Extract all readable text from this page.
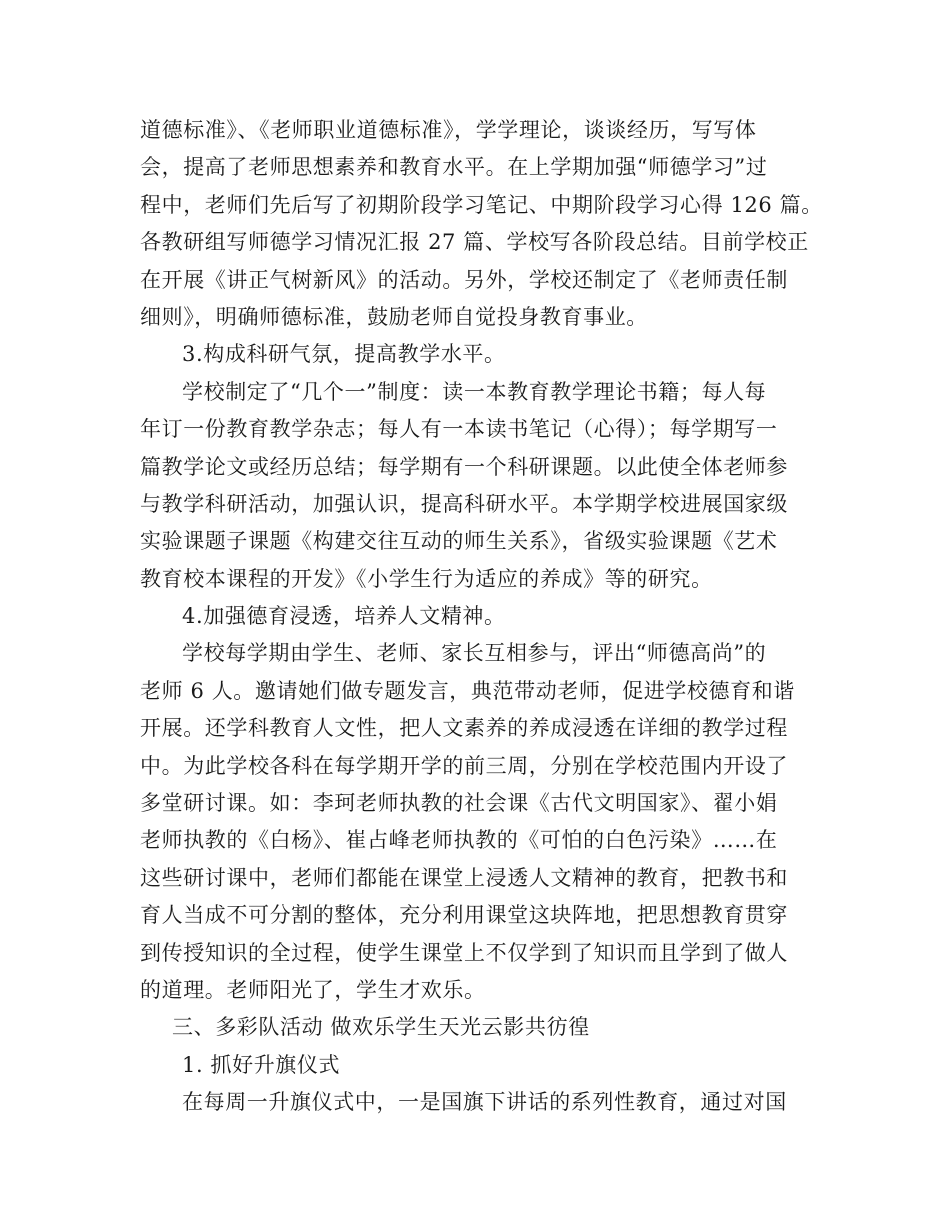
道德标准》、《老师职业道德标准》，学学理论，谈谈经历，写写体
会，提高了老师思想素养和教育水平。在上学期加强“师德学习”过
程中，老师们先后写了初期阶段学习笔记、中期阶段学习心得 126 篇。
各教研组写师德学习情况汇报 27 篇、学校写各阶段总结。目前学校正
在开展《讲正气树新风》的活动。另外，学校还制定了《老师责任制
细则》，明确师德标准，鼓励老师自觉投身教育事业。
3.构成科研气氛，提高教学水平。
学校制定了“几个一”制度：读一本教育教学理论书籍；每人每
年订一份教育教学杂志；每人有一本读书笔记（心得）；每学期写一
篇教学论文或经历总结；每学期有一个科研课题。以此使全体老师参
与教学科研活动，加强认识，提高科研水平。本学期学校进展国家级
实验课题子课题《构建交往互动的师生关系》，省级实验课题《艺术
教育校本课程的开发》《小学生行为适应的养成》等的研究。
4.加强德育浸透，培养人文精神。
学校每学期由学生、老师、家长互相参与，评出“师德高尚”的
老师 6 人。邀请她们做专题发言，典范带动老师，促进学校德育和谐
开展。还学科教育人文性，把人文素养的养成浸透在详细的教学过程
中。为此学校各科在每学期开学的前三周，分别在学校范围内开设了
多堂研讨课。如：李珂老师执教的社会课《古代文明国家》、翟小娟
老师执教的《白杨》、崔占峰老师执教的《可怕的白色污染》……在
这些研讨课中，老师们都能在课堂上浸透人文精神的教育，把教书和
育人当成不可分割的整体，充分利用课堂这块阵地，把思想教育贯穿
到传授知识的全过程，使学生课堂上不仅学到了知识而且学到了做人
的道理。老师阳光了，学生才欢乐。
三、多彩队活动 做欢乐学生天光云影共彷徨
1. 抓好升旗仪式
在每周一升旗仪式中，一是国旗下讲话的系列性教育，通过对国
